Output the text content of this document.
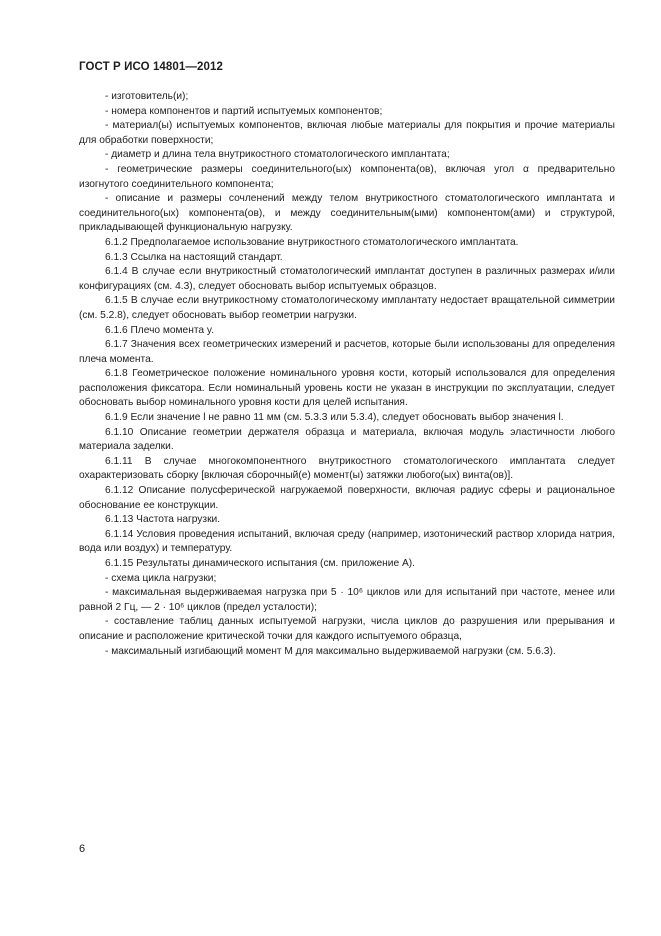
ГОСТ Р ИСО 14801—2012

- изготовитель(и);

- номера компонентов и партий испытуемых компонентов;

- материал(ы) испытуемых компонентов, включая любые материалы для покрытия и прочие материалы для обработки поверхности;

- диаметр и длина тела внутрикостного стоматологического имплантата;

- геометрические размеры соединительного(ых) компонента(ов), включая угол α предварительно изогнутого соединительного компонента;

- описание и размеры сочленений между телом внутрикостного стоматологического имплантата и соединительного(ых) компонента(ов), и между соединительным(ыми) компонентом(ами) и структурой, прикладывающей функциональную нагрузку.

6.1.2 Предполагаемое использование внутрикостного стоматологического имплантата.

6.1.3 Ссылка на настоящий стандарт.

6.1.4 В случае если внутрикостный стоматологический имплантат доступен в различных размерах и/или конфигурациях (см. 4.3), следует обосновать выбор испытуемых образцов.

6.1.5 В случае если внутрикостному стоматологическому имплантату недостает вращательной симметрии (см. 5.2.8), следует обосновать выбор геометрии нагрузки.

6.1.6 Плечо момента y.

6.1.7 Значения всех геометрических измерений и расчетов, которые были использованы для определения плеча момента.

6.1.8 Геометрическое положение номинального уровня кости, который использовался для определения расположения фиксатора. Если номинальный уровень кости не указан в инструкции по эксплуатации, следует обосновать выбор номинального уровня кости для целей испытания.

6.1.9 Если значение l не равно 11 мм (см. 5.3.3 или 5.3.4), следует обосновать выбор значения l.

6.1.10 Описание геометрии держателя образца и материала, включая модуль эластичности любого материала заделки.

6.1.11 В случае многокомпонентного внутрикостного стоматологического имплантата следует охарактеризовать сборку [включая сборочный(е) момент(ы) затяжки любого(ых) винта(ов)].

6.1.12 Описание полусферической нагружаемой поверхности, включая радиус сферы и рациональное обоснование ее конструкции.

6.1.13 Частота нагрузки.

6.1.14 Условия проведения испытаний, включая среду (например, изотонический раствор хлорида натрия, вода или воздух) и температуру.

6.1.15 Результаты динамического испытания (см. приложение А).

- схема цикла нагрузки;

- максимальная выдерживаемая нагрузка при 5 · 10⁶ циклов или для испытаний при частоте, менее или равной 2 Гц, — 2 · 10⁶ циклов (предел усталости);

- составление таблиц данных испытуемой нагрузки, числа циклов до разрушения или прерывания и описание и расположение критической точки для каждого испытуемого образца,

- максимальный изгибающий момент M для максимально выдерживаемой нагрузки (см. 5.6.3).

6
